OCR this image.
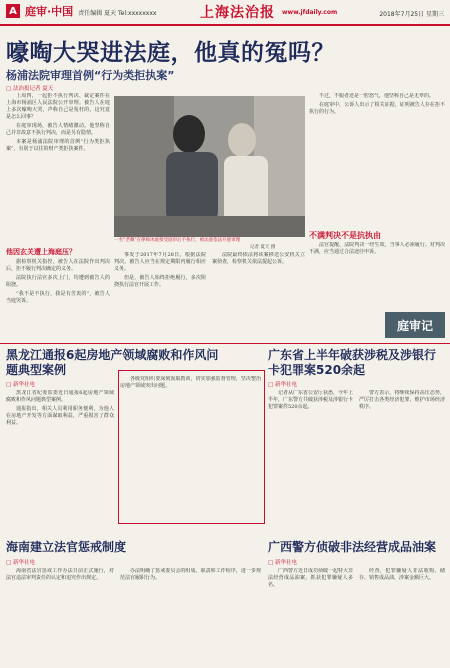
A 庭审·中国 责任编辑 夏天 Tel:xxxxxxxx	上海法治报 www.jfdaily.com	2018年7月25日 星期三
嚎啕大哭进法庭，他真的冤吗？
杨浦法院审理首例“行为类拒执案”
□ 法治报记者 夏天

上周四，一起拒不执行判决、裁定案件在上海市杨浦区人民法院公开审理。被告人在庭上多次嚎啕大哭，声称自己是冤枉的，这究竟是怎么回事？

在庭审现场，被告人情绪激动。他坚称自己并非故意不执行判决，而是另有隐情。

本案是杨浦法院审理的首例“行为类拒执案”，有别于以往的财产类拒执案件。

他因玄关遭上海庭压？

据检察机关指控，被告人在法院作出判决后，拒不履行判决确定的义务。

法院执行法官多次上门，均遭到被告人的阻挠。

“我不是不执行，我是有苦衷的”，被告人当庭哭诉。

一名“老赖”在律师冰庭接受庭审后不执行，被法庭依法开庭审理
记者 夏天 摄

事发于2017年7月28日。根据法院判决，被告人应当在规定期限内履行相应义务。

但是，被告人始终拒绝履行，多次阻挠执行法官开展工作。

法院最终依法将该案移送公安机关立案侦查，检察机关依法提起公诉。

不过，不服者还是一腔怒气，他坚称自己是无辜的。

在庭审中，公诉人出示了相关证据，证明被告人存在拒不执行的行为。

不满判决不是抗执由

法官提醒，法院判决一经生效，当事人必须履行。对判决不满，应当通过合法途径申诉。

庭审记
黑龙江通报6起房地产领域腐败和作风问题典型案例
□ 新华社电

黑龙江省纪委监委近日通报6起房地产领域腐败和作风问题典型案例。

通报指出，相关人员利用职务便利，为他人在房地产开发等方面谋取利益，严重损害了群众利益。

各级党组织要深刻汲取教训，切实加强监督管理，坚决整治房地产领域突出问题。

海南建立法官惩戒制度
□ 新华社电

海南省法官惩戒工作办法日前正式施行，对法官违法审判责任的认定和追究作出规定。

办法明确了惩戒委员会的组成、职责和工作程序，进一步规范法官履职行为。

广东省上半年破获涉税及涉银行卡犯罪案520余起
□ 新华社电

记者从广东省公安厅获悉，今年上半年，广东警方共破获涉税及涉银行卡犯罪案件520余起。

警方表示，将继续保持高压态势，严厉打击各类经济犯罪，维护市场经济秩序。

广西警方侦破非法经营成品油案
□ 新华社电

广西警方近日成功侦破一起特大非法经营成品油案，抓获犯罪嫌疑人多名。

经查，犯罪嫌疑人非法收购、储存、销售成品油，涉案金额巨大。
